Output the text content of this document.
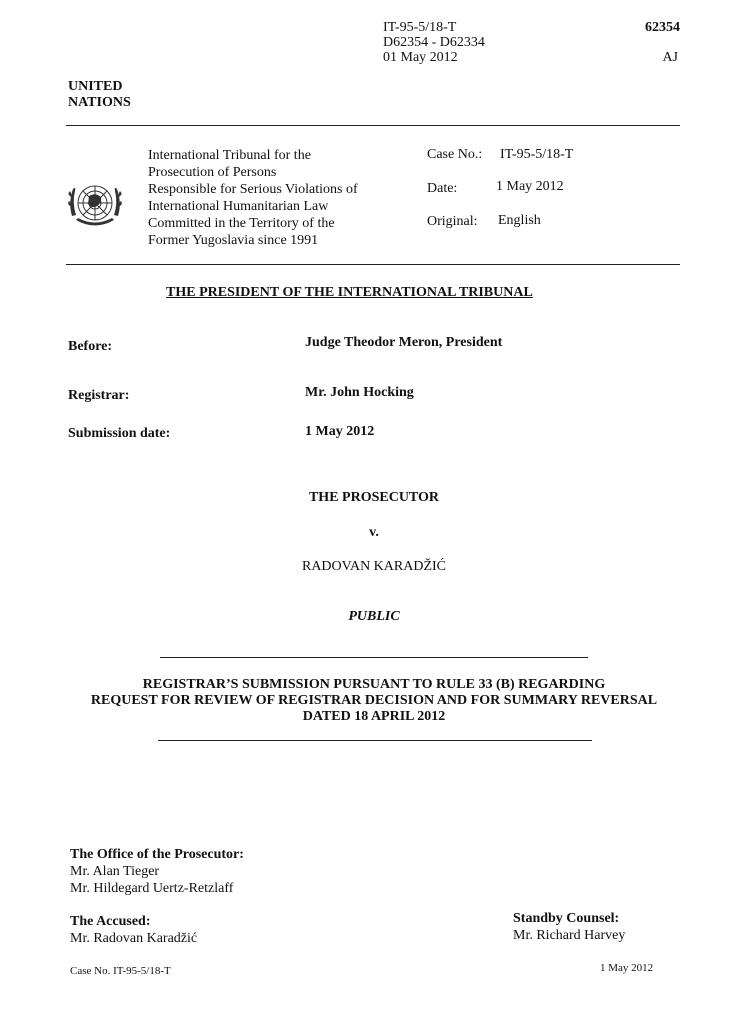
IT-95-5/18-T
D62354 - D62334
01 May 2012
62354
AJ
UNITED
NATIONS
International Tribunal for the
Prosecution of Persons
Responsible for Serious Violations of
International Humanitarian Law
Committed in the Territory of the
Former Yugoslavia since 1991
Case No.: IT-95-5/18-T
Date:	1 May 2012
Original: English
THE PRESIDENT OF THE INTERNATIONAL TRIBUNAL
Before:	Judge Theodor Meron, President
Registrar:	Mr. John Hocking
Submission date:	1 May 2012
THE PROSECUTOR
v.
RADOVAN KARADŽIĆ
PUBLIC
REGISTRAR’S SUBMISSION PURSUANT TO RULE 33 (B) REGARDING
REQUEST FOR REVIEW OF REGISTRAR DECISION AND FOR SUMMARY REVERSAL
DATED 18 APRIL 2012
The Office of the Prosecutor:
Mr. Alan Tieger
Mr. Hildegard Uertz-Retzlaff
The Accused:
Mr. Radovan Karadžić
Standby Counsel:
Mr. Richard Harvey
Case No. IT-95-5/18-T	1 May 2012
